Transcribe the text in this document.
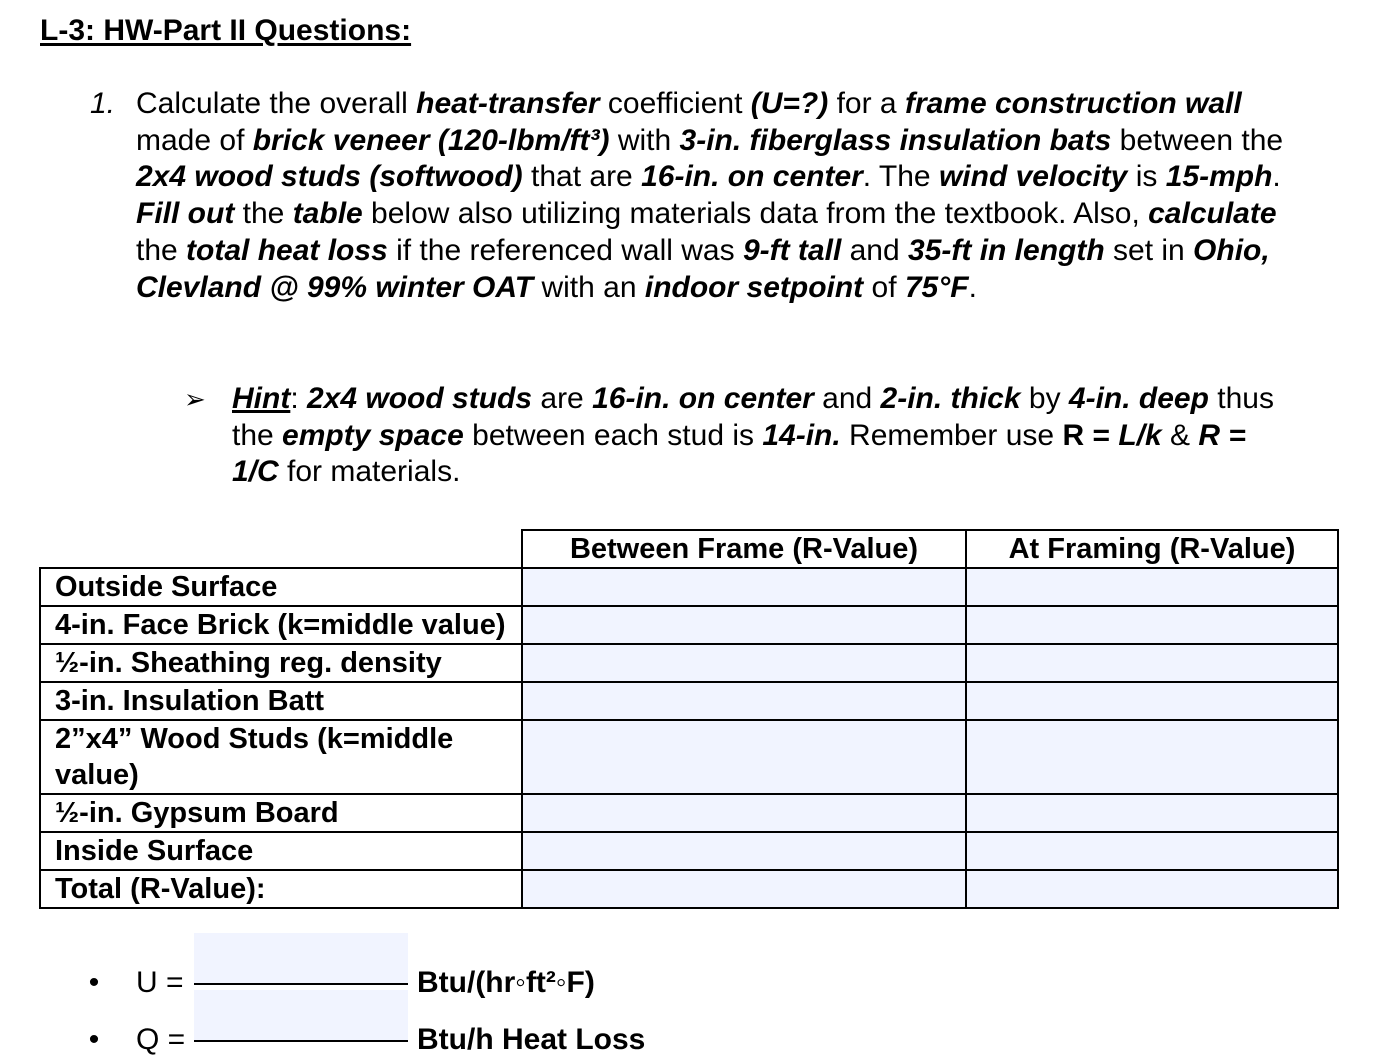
L-3: HW-Part II Questions:
1. Calculate the overall heat-transfer coefficient (U=?) for a frame construction wall made of brick veneer (120-lbm/ft³) with 3-in. fiberglass insulation bats between the 2x4 wood studs (softwood) that are 16-in. on center. The wind velocity is 15-mph. Fill out the table below also utilizing materials data from the textbook. Also, calculate the total heat loss if the referenced wall was 9-ft tall and 35-ft in length set in Ohio, Clevland @ 99% winter OAT with an indoor setpoint of 75°F.
➢ Hint: 2x4 wood studs are 16-in. on center and 2-in. thick by 4-in. deep thus the empty space between each stud is 14-in. Remember use R = L/k & R = 1/C for materials.
	Between Frame (R-Value)	At Framing (R-Value)
Outside Surface		
4-in. Face Brick (k=middle value)		
½-in. Sheathing reg. density		
3-in. Insulation Batt		
2”x4” Wood Studs (k=middle value)		
½-in. Gypsum Board		
Inside Surface		
Total (R-Value):		
• U =	Btu/(hr◦ft²◦F)
• Q =	Btu/h Heat Loss
